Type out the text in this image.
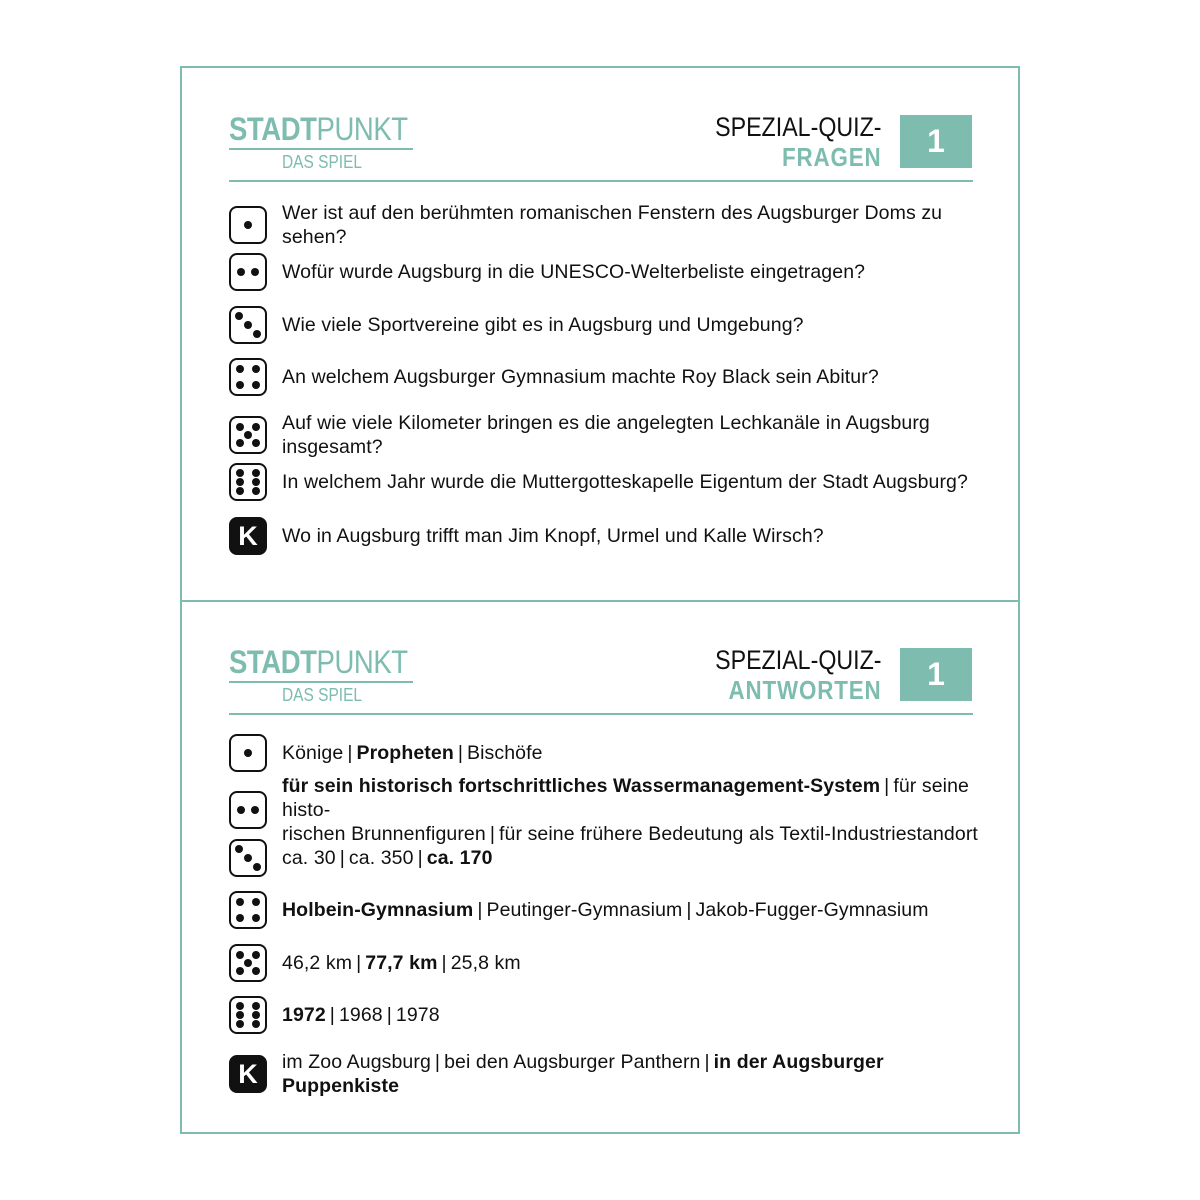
STADTPUNKT
DAS SPIEL
SPEZIAL-QUIZ-
FRAGEN	1
Wer ist auf den berühmten romanischen Fenstern des Augsburger Doms zu sehen?
Wofür wurde Augsburg in die UNESCO-Welterbeliste eingetragen?
Wie viele Sportvereine gibt es in Augsburg und Umgebung?
An welchem Augsburger Gymnasium machte Roy Black sein Abitur?
Auf wie viele Kilometer bringen es die angelegten Lechkanäle in Augsburg
insgesamt?
In welchem Jahr wurde die Muttergotteskapelle Eigentum der Stadt Augsburg?
K	Wo in Augsburg trifft man Jim Knopf, Urmel und Kalle Wirsch?
STADTPUNKT
DAS SPIEL
SPEZIAL-QUIZ-
ANTWORTEN	1
Könige | Propheten | Bischöfe
für sein historisch fortschrittliches Wassermanagement-System | für seine histo-
rischen Brunnenfiguren | für seine frühere Bedeutung als Textil-Industriestandort
ca. 30 | ca. 350 | ca. 170
Holbein-Gymnasium | Peutinger-Gymnasium | Jakob-Fugger-Gymnasium
46,2 km | 77,7 km | 25,8 km
1972 | 1968 | 1978
K	im Zoo Augsburg | bei den Augsburger Panthern | in der Augsburger Puppenkiste
